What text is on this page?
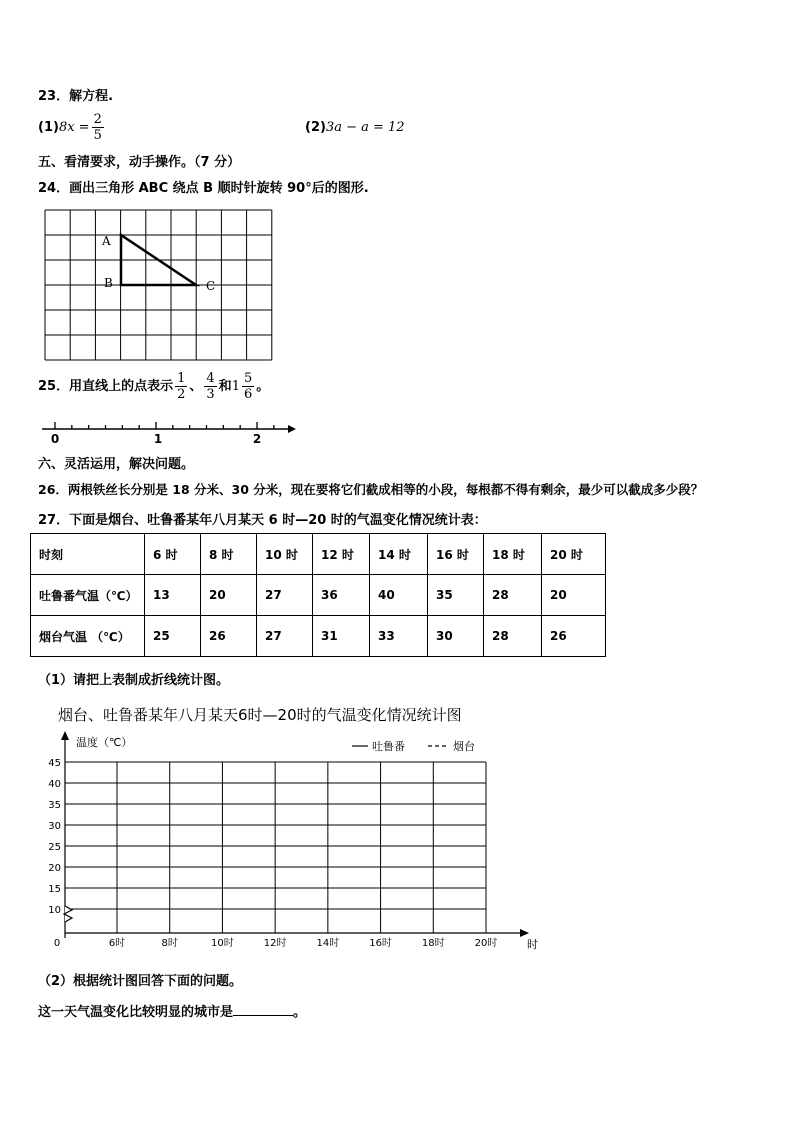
23．解方程.
$(1)8x = \frac{2}{5}$	(2)3a − a = 12
五、看清要求，动手操作。（7 分）
24．画出三角形 ABC 绕点 B 顺时针旋转 90°后的图形.
A
B	C
25．用直线上的点表示 $\frac{1}{2}$ 、 $\frac{4}{3}$ 和$1 \frac{5}{6}$ 。
0	1	2
六、灵活运用，解决问题。
26．两根铁丝长分别是 18 分米、30 分米，现在要将它们截成相等的小段，每根都不得有剩余，最少可以截成多少段？
27．下面是烟台、吐鲁番某年八月某天 6 时—20 时的气温变化情况统计表：
时刻	6 时	8 时	10 时	12 时	14 时	16 时	18 时	20 时
吐鲁番气温（℃）	13	20	27	36	40	35	28	20
烟台气温 （℃）	25	26	27	31	33	30	28	26
（1）请把上表制成折线统计图。
烟台、吐鲁番某年八月某天6时—20时的气温变化情况统计图
10
15
20
25
30
35
40
45
6时	8时	10时	12时	14时	16时	18时	20时
温度（℃）
0	时
吐鲁番	烟台
（2）根据统计图回答下面的问题。
这一天气温变化比较明显的城市是	。
